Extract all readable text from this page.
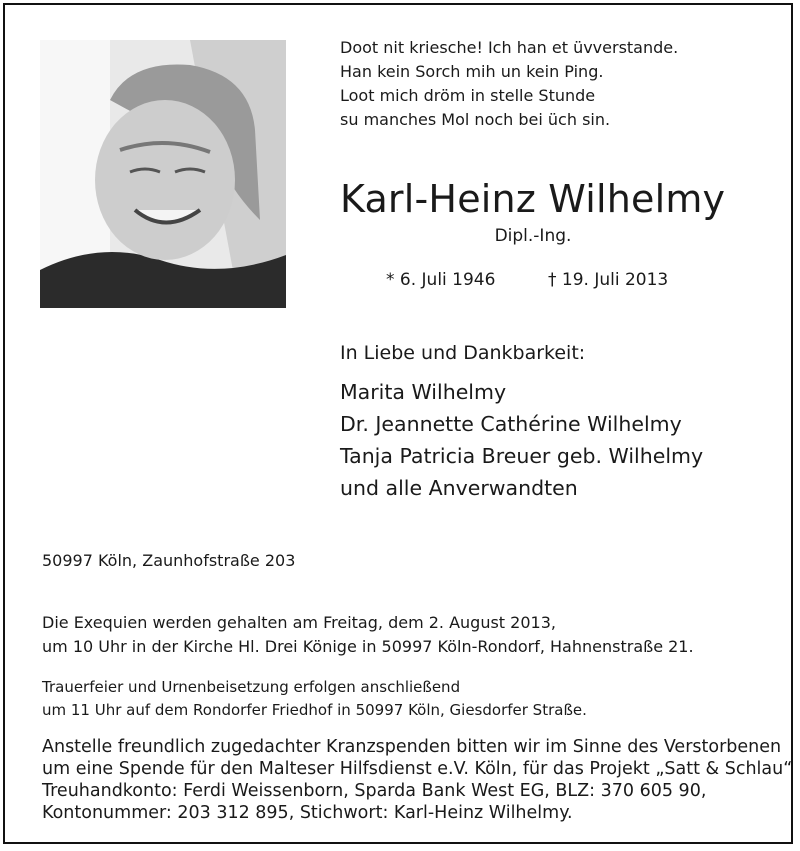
Doot nit kriesche! Ich han et üvverstande.
Han kein Sorch mih un kein Ping.
Loot mich dröm in stelle Stunde
su manches Mol noch bei üch sin.
Karl-Heinz Wilhelmy
Dipl.-Ing.
* 6. Juli 1946	† 19. Juli 2013
In Liebe und Dankbarkeit:
Marita Wilhelmy
Dr. Jeannette Cathérine Wilhelmy
Tanja Patricia Breuer geb. Wilhelmy
und alle Anverwandten
50997 Köln, Zaunhofstraße 203
Die Exequien werden gehalten am Freitag, dem 2. August 2013,
um 10 Uhr in der Kirche Hl. Drei Könige in 50997 Köln-Rondorf, Hahnenstraße 21.
Trauerfeier und Urnenbeisetzung erfolgen anschließend
um 11 Uhr auf dem Rondorfer Friedhof in 50997 Köln, Giesdorfer Straße.
Anstelle freundlich zugedachter Kranzspenden bitten wir im Sinne des Verstorbenen
um eine Spende für den Malteser Hilfsdienst e.V. Köln, für das Projekt „Satt & Schlau“
Treuhandkonto: Ferdi Weissenborn, Sparda Bank West EG, BLZ: 370 605 90,
Kontonummer: 203 312 895, Stichwort: Karl-Heinz Wilhelmy.
